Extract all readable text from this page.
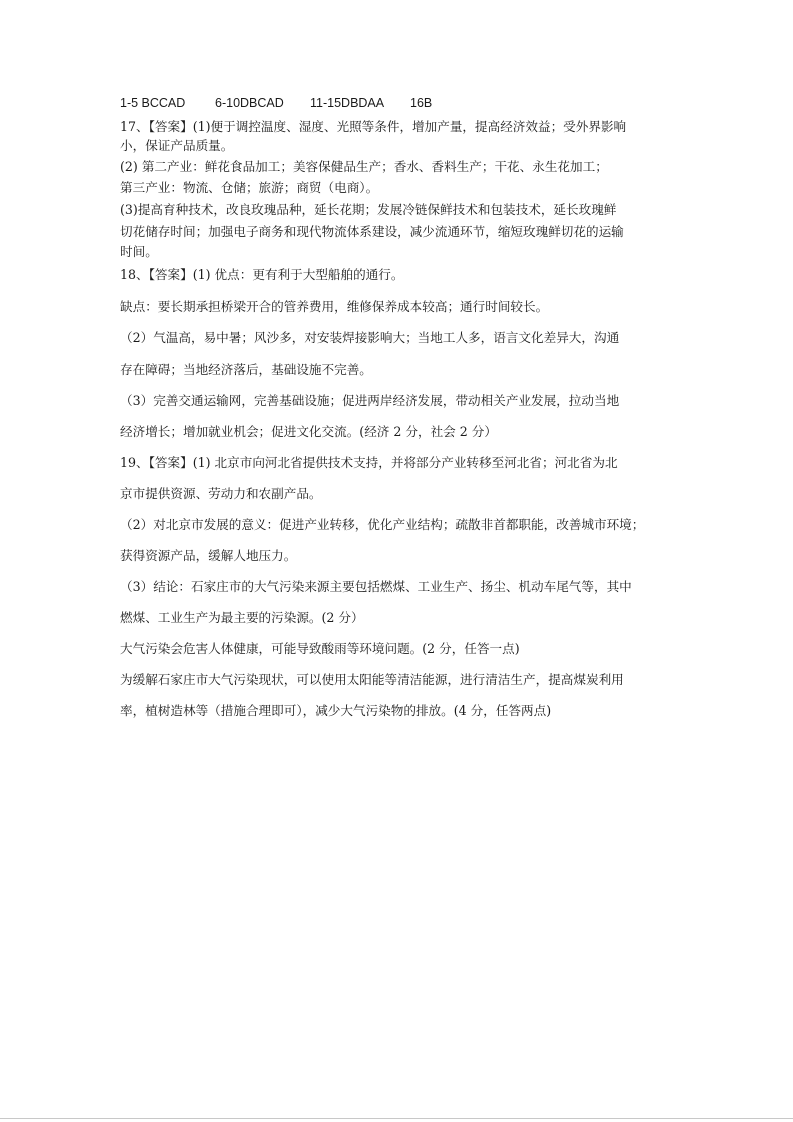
1-5 BCCAD 6-10DBCAD 11-15DBDAA 16B
17、【答案】(1)便于调控温度、湿度、光照等条件，增加产量，提高经济效益；受外界影响
小，保证产品质量。
(2) 第二产业：鲜花食品加工；美容保健品生产；香水、香料生产；干花、永生花加工；
第三产业：物流、仓储；旅游；商贸（电商）。
(3)提高育种技术，改良玫瑰品种，延长花期；发展冷链保鲜技术和包装技术，延长玫瑰鲜
切花储存时间；加强电子商务和现代物流体系建设，减少流通环节，缩短玫瑰鲜切花的运输
时间。
18、【答案】(1) 优点：更有利于大型船舶的通行。
缺点：要长期承担桥梁开合的管养费用，维修保养成本较高；通行时间较长。
（2）气温高，易中暑；风沙多，对安装焊接影响大；当地工人多，语言文化差异大，沟通
存在障碍；当地经济落后，基础设施不完善。
（3）完善交通运输网，完善基础设施；促进两岸经济发展，带动相关产业发展，拉动当地
经济增长；增加就业机会；促进文化交流。(经济 2 分，社会 2 分）
19、【答案】(1) 北京市向河北省提供技术支持，并将部分产业转移至河北省；河北省为北
京市提供资源、劳动力和农副产品。
（2）对北京市发展的意义：促进产业转移，优化产业结构；疏散非首都职能，改善城市环境；
获得资源产品，缓解人地压力。
（3）结论：石家庄市的大气污染来源主要包括燃煤、工业生产、扬尘、机动车尾气等，其中
燃煤、工业生产为最主要的污染源。(2 分）
大气污染会危害人体健康，可能导致酸雨等环境问题。(2 分，任答一点)
为缓解石家庄市大气污染现状，可以使用太阳能等清洁能源，进行清洁生产，提高煤炭利用
率，植树造林等（措施合理即可），减少大气污染物的排放。(4 分，任答两点)
